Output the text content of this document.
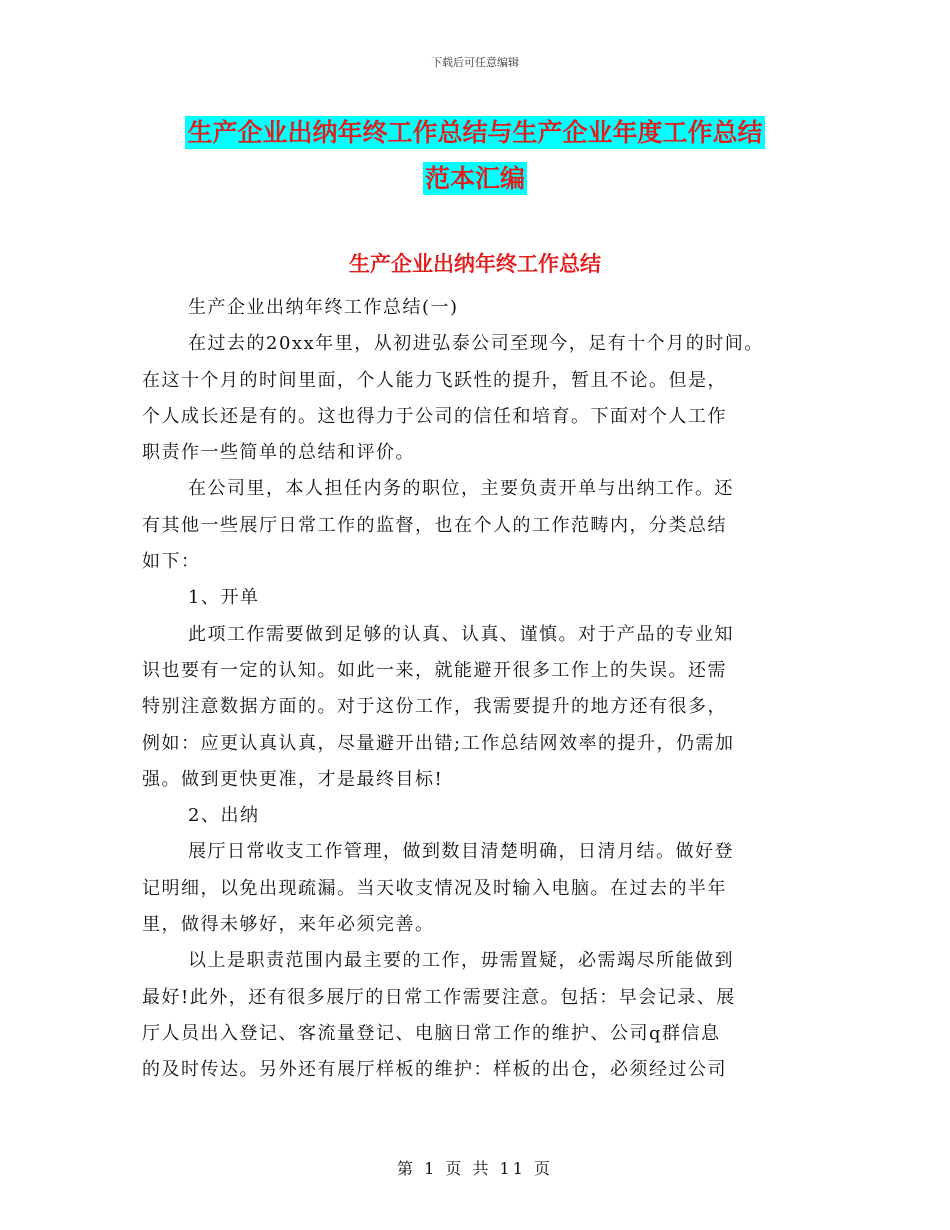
下载后可任意编辑
生产企业出纳年终工作总结与生产企业年度工作总结
范本汇编
生产企业出纳年终工作总结
生产企业出纳年终工作总结(一)
在过去的20xx年里，从初进弘泰公司至现今，足有十个月的时间。
在这十个月的时间里面，个人能力飞跃性的提升，暂且不论。但是，
个人成长还是有的。这也得力于公司的信任和培育。下面对个人工作
职责作一些简单的总结和评价。
在公司里，本人担任内务的职位，主要负责开单与出纳工作。还
有其他一些展厅日常工作的监督，也在个人的工作范畴内，分类总结
如下：
1、开单
此项工作需要做到足够的认真、认真、谨慎。对于产品的专业知
识也要有一定的认知。如此一来，就能避开很多工作上的失误。还需
特别注意数据方面的。对于这份工作，我需要提升的地方还有很多，
例如：应更认真认真，尽量避开出错;工作总结网效率的提升，仍需加
强。做到更快更准，才是最终目标!
2、出纳
展厅日常收支工作管理，做到数目清楚明确，日清月结。做好登
记明细，以免出现疏漏。当天收支情况及时输入电脑。在过去的半年
里，做得未够好，来年必须完善。
以上是职责范围内最主要的工作，毋需置疑，必需竭尽所能做到
最好!此外，还有很多展厅的日常工作需要注意。包括：早会记录、展
厅人员出入登记、客流量登记、电脑日常工作的维护、公司q群信息
的及时传达。另外还有展厅样板的维护：样板的出仓，必须经过公司
第 1 页 共 11 页
